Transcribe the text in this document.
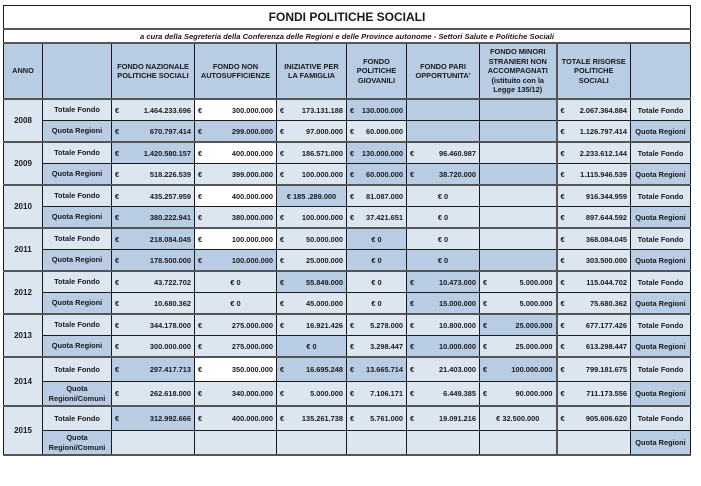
FONDI POLITICHE SOCIALI									
a cura della Segreteria della Conferenza delle Regioni e delle Province autonome - Settori Salute e Politiche Sociali									
ANNO		FONDO NAZIONALE POLITICHE SOCIALI	FONDO NON AUTOSUFFICIENZE	INIZIATIVE PER LA FAMIGLIA	FONDO POLITICHE GIOVANILI	FONDO PARI OPPORTUNITA'	FONDO MINORI STRANIERI NON ACCOMPAGNATI (istituito con la Legge 135/12)	TOTALE RISORSE POLITICHE SOCIALI	
2008	Totale Fondo	€ 1.464.233.696	€ 300.000.000	€ 173.131.188	€ 130.000.000			€ 2.067.364.884	Totale Fondo
	Quota Regioni	€ 670.797.414	€ 299.000.000	€ 97.000.000	€ 60.000.000			€ 1.126.797.414	Quota Regioni
2009	Totale Fondo	€ 1.420.580.157	€ 400.000.000	€ 186.571.000	€ 130.000.000	€ 96.460.987		€ 2.233.612.144	Totale Fondo
	Quota Regioni	€ 518.226.539	€ 399.000.000	€ 100.000.000	€ 60.000.000	€ 38.720.000		€ 1.115.946.539	Quota Regioni
2010	Totale Fondo	€ 435.257.959	€ 400.000.000	€ 185 .289.000	€ 81.087.000	€ 0		€ 916.344.959	Totale Fondo
	Quota Regioni	€ 380.222.941	€ 380.000.000	€ 100.000.000	€ 37.421.651	€ 0		€ 897.644.592	Quota Regioni
2011	Totale Fondo	€ 218.084.045	€ 100.000.000	€ 50.000.000	€ 0	€ 0		€ 368.084.045	Totale Fondo
	Quota Regioni	€ 178.500.000	€ 100.000.000	€ 25.000.000	€ 0	€ 0		€ 303.500.000	Quota Regioni
2012	Totale Fondo	€ 43.722.702	€ 0	€ 55.849.000	€ 0	€ 10.473.000	€ 5.000.000	€ 115.044.702	Totale Fondo
	Quota Regioni	€ 10.680.362	€ 0	€ 45.000.000	€ 0	€ 15.000.000	€ 5.000.000	€ 75.680.362	Quota Regioni
2013	Totale Fondo	€ 344.178.000	€ 275.000.000	€ 16.921.426	€ 5.278.000	€ 10.800.000	€ 25.000.000	€ 677.177.426	Totale Fondo
	Quota Regioni	€ 300.000.000	€ 275.000.000	€ 0	€ 3.298.447	€ 10.000.000	€ 25.000.000	€ 613.298.447	Quota Regioni
2014	Totale Fondo	€ 297.417.713	€ 350.000.000	€ 16.695.248	€ 13.665.714	€ 21.403.000	€ 100.000.000	€ 799.181.675	Totale Fondo
	Quota Regioni/Comuni	€ 262.618.000	€ 340.000.000	€ 5.000.000	€ 7.106.171	€ 6.449.385	€ 90.000.000	€ 711.173.556	Quota Regioni
2015	Totale Fondo	€ 312.992.666	€ 400.000.000	€ 135.261.738	€ 5.761.000	€ 19.091.216	€ 32.500.000	€ 905.606.620	Totale Fondo
	Quota Regioni/Comuni								Quota Regioni
